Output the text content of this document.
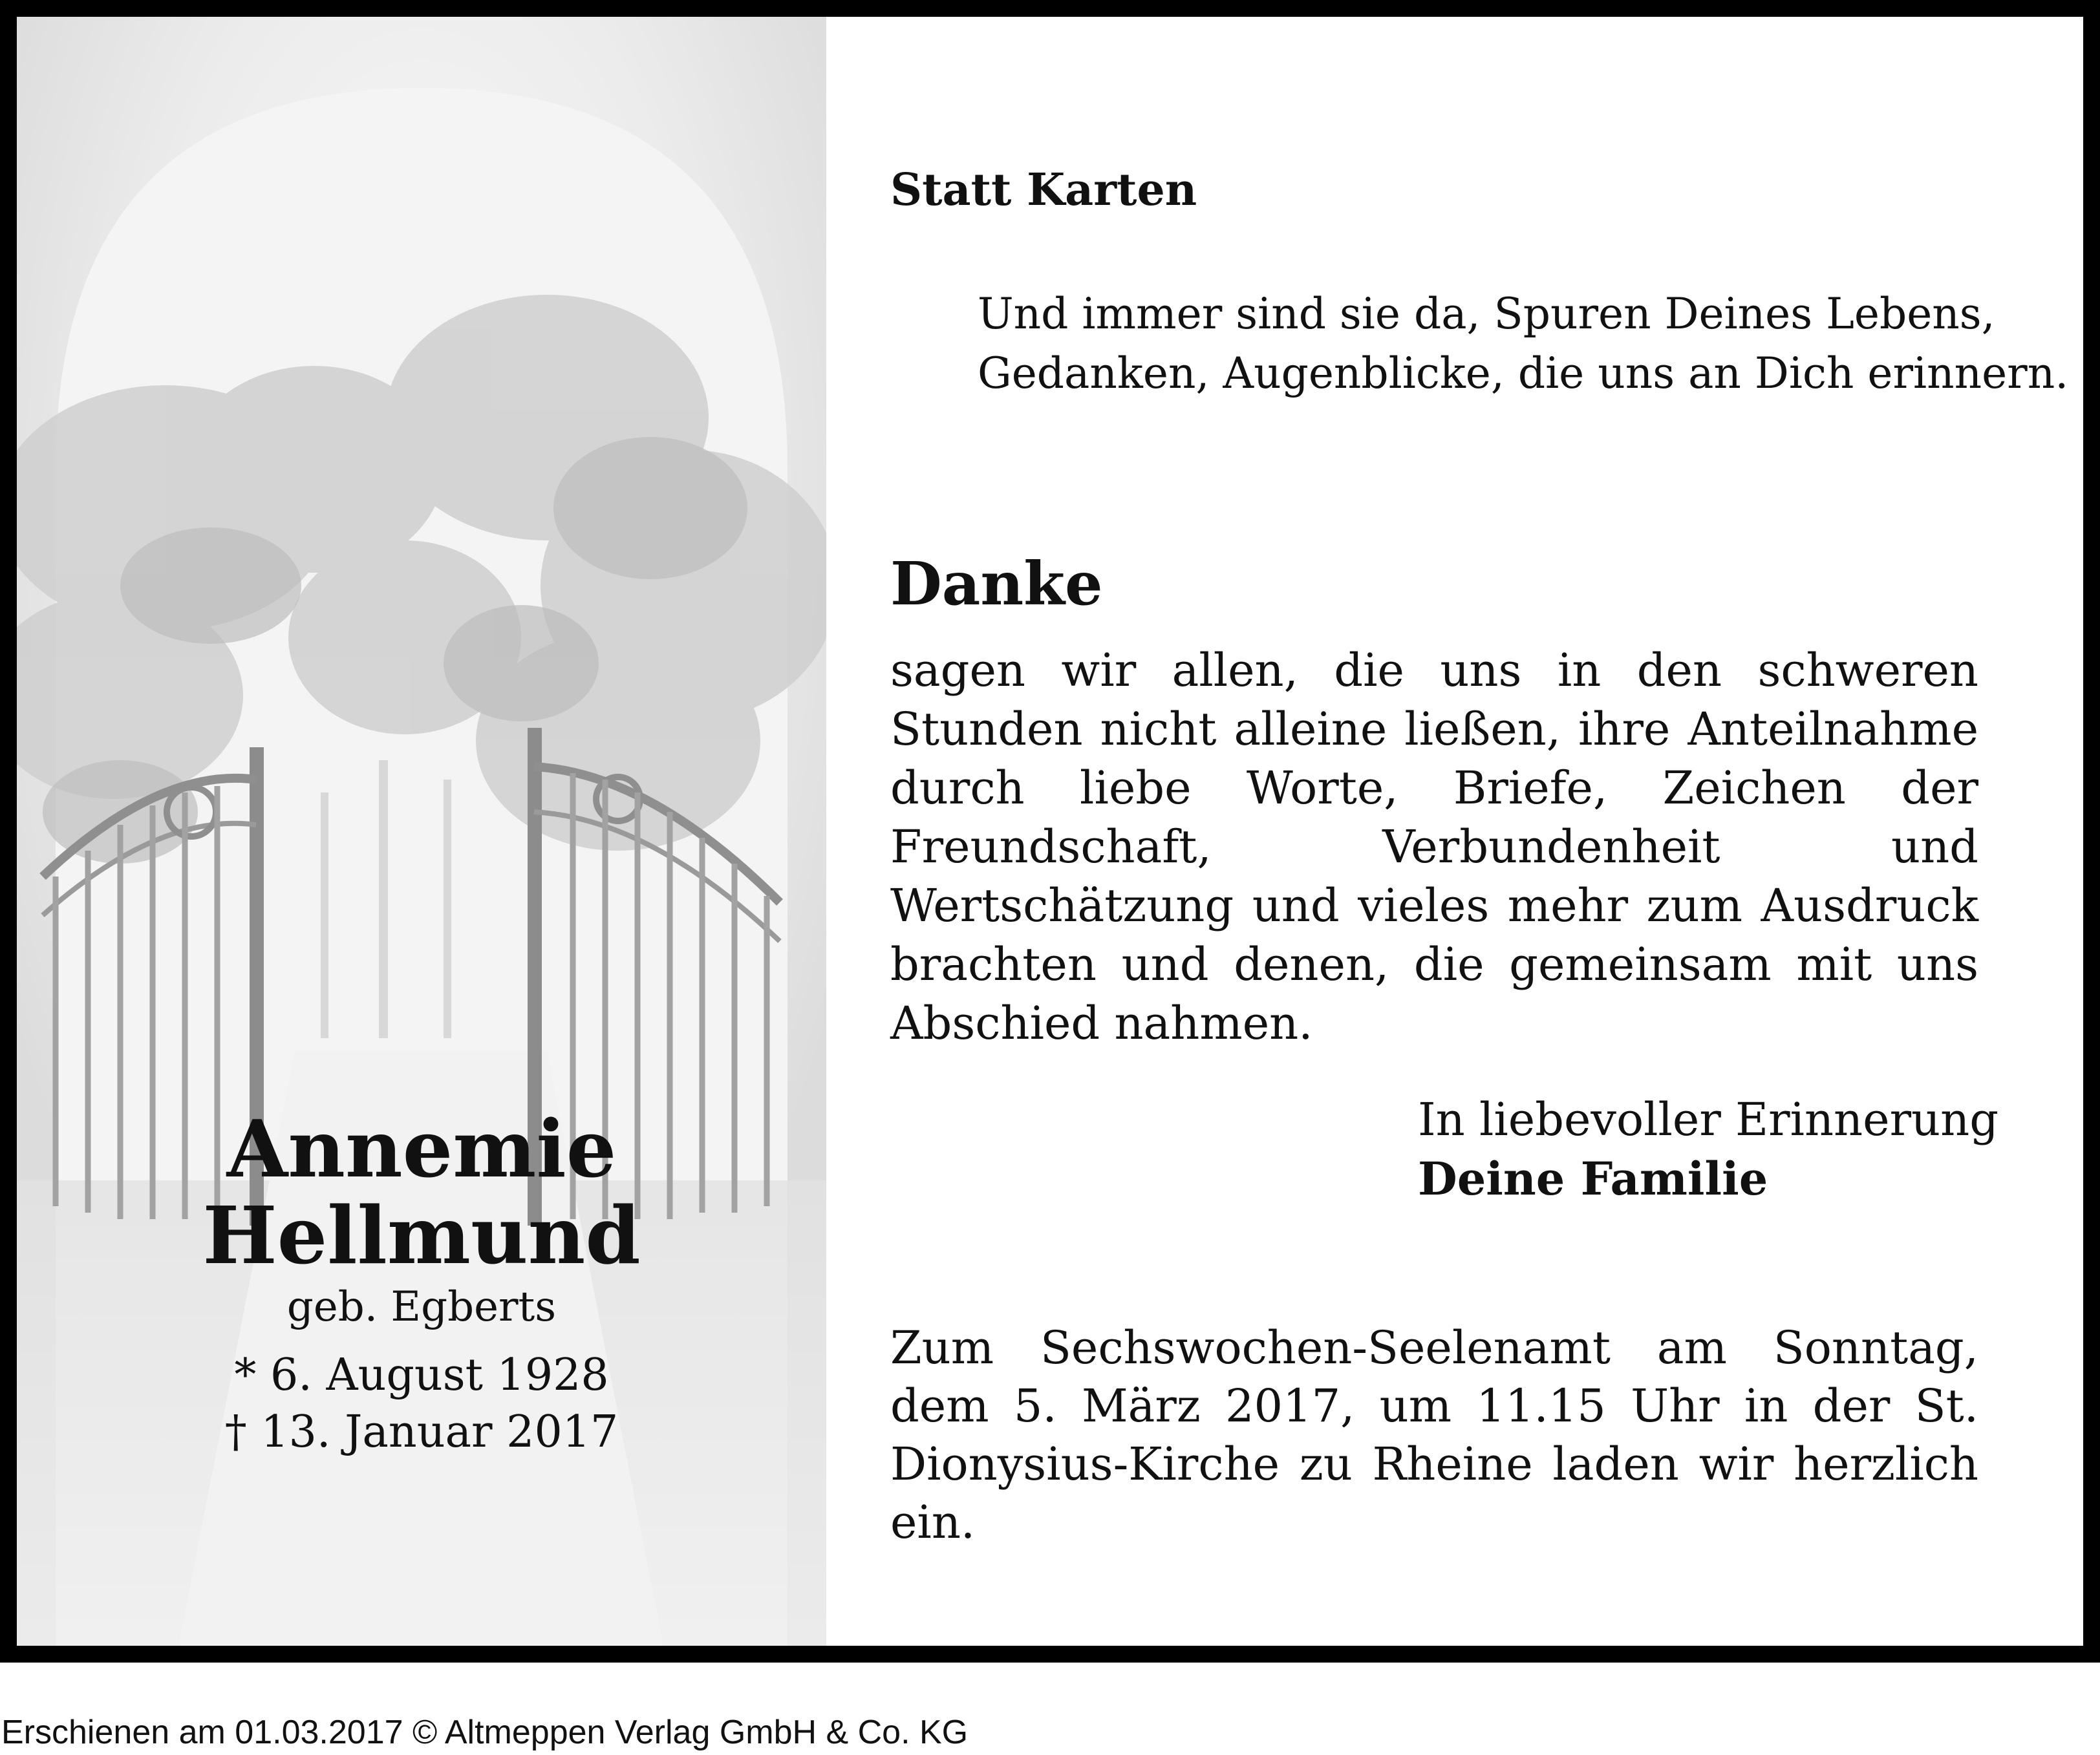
Annemie
Hellmund
geb. Egberts
* 6. August 1928
† 13. Januar 2017
Statt Karten
Und immer sind sie da, Spuren Deines Lebens,
Gedanken, Augenblicke, die uns an Dich erinnern.
Danke
sagen wir allen, die uns in den schweren Stunden nicht alleine ließen, ihre Anteilnahme durch liebe Worte, Briefe, Zeichen der Freundschaft, Verbundenheit und Wertschätzung und vieles mehr zum Ausdruck brachten und denen, die gemeinsam mit uns Abschied nahmen.
In liebevoller Erinnerung
Deine Familie
Zum Sechswochen-Seelenamt am Sonntag, dem 5. März 2017, um 11.15 Uhr in der St. Dionysius-Kirche zu Rheine laden wir herzlich ein.
Erschienen am 01.03.2017 © Altmeppen Verlag GmbH & Co. KG
